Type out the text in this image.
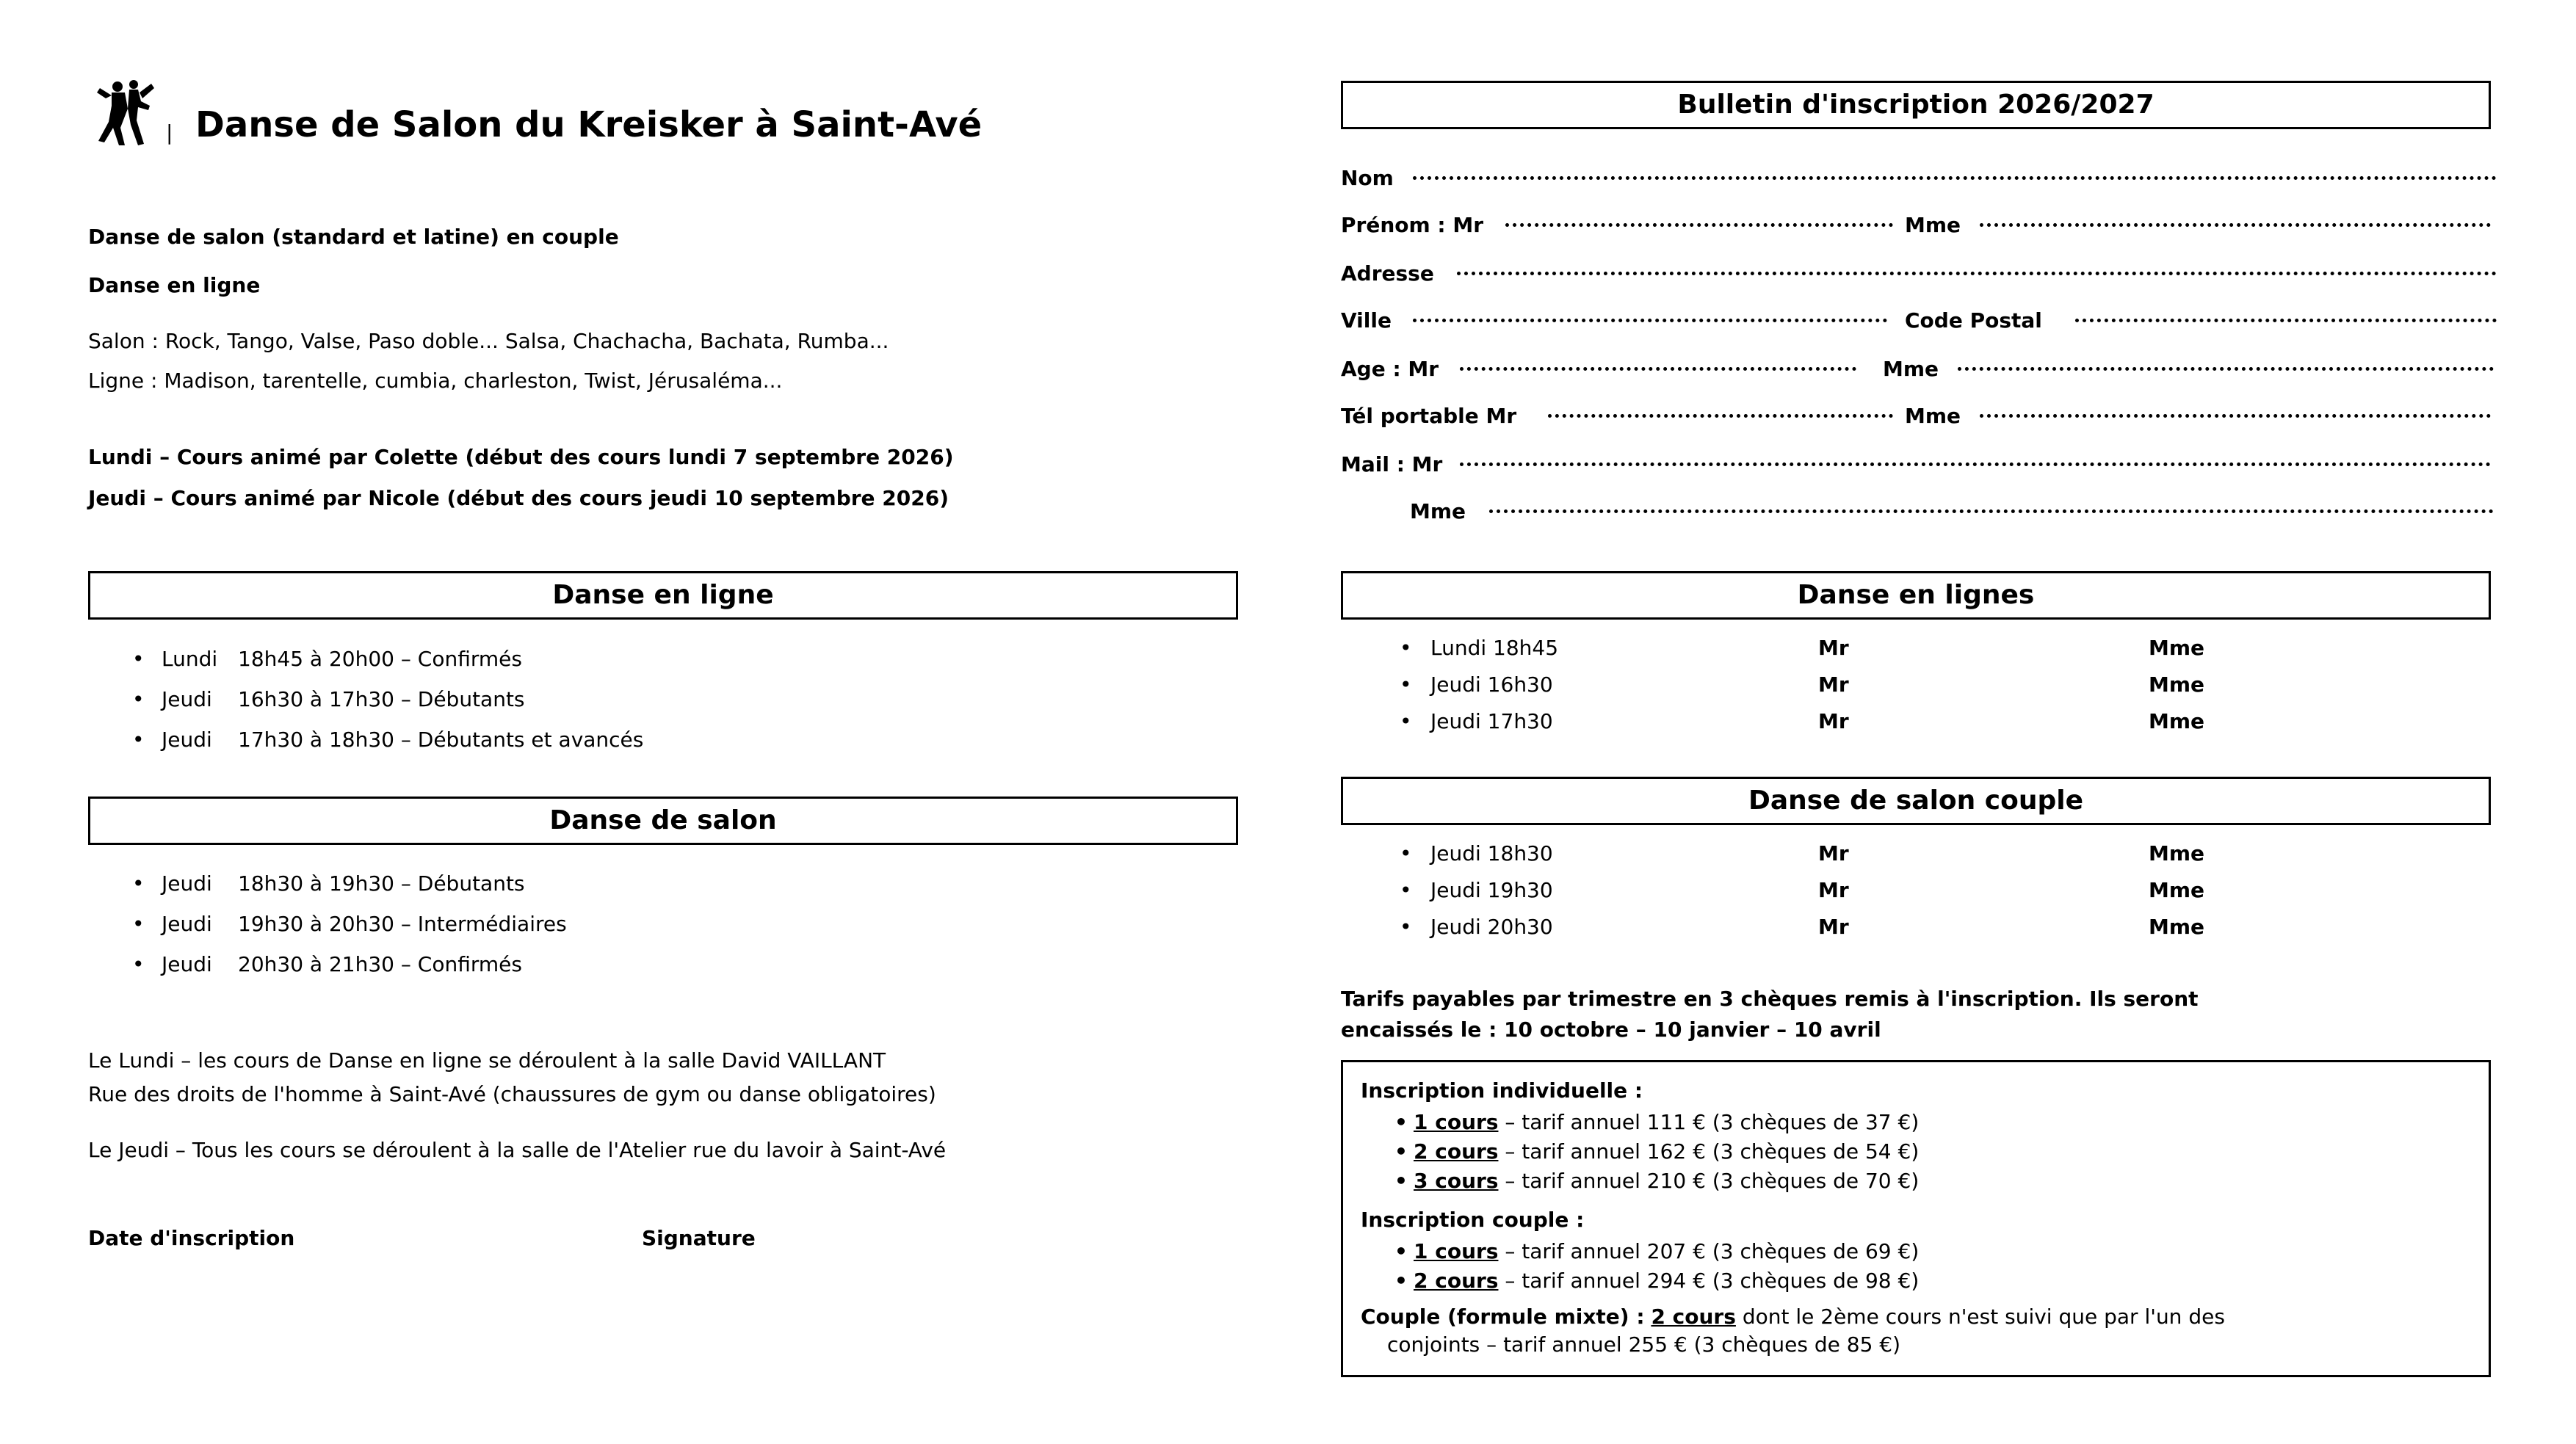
| Danse de Salon du Kreisker à Saint-Avé
Danse de salon (standard et latine) en couple
Danse en ligne
Salon : Rock, Tango, Valse, Paso doble... Salsa, Chachacha, Bachata, Rumba...
Ligne : Madison, tarentelle, cumbia, charleston, Twist, Jérusaléma...
Lundi – Cours animé par Colette (début des cours lundi 7 septembre 2026)
Jeudi – Cours animé par Nicole (début des cours jeudi 10 septembre 2026)
Danse en ligne
• Lundi 18h45 à 20h00 – Confirmés
• Jeudi 16h30 à 17h30 – Débutants
• Jeudi 17h30 à 18h30 – Débutants et avancés
Danse de salon
• Jeudi 18h30 à 19h30 – Débutants
• Jeudi 19h30 à 20h30 – Intermédiaires
• Jeudi 20h30 à 21h30 – Confirmés
Le Lundi – les cours de Danse en ligne se déroulent à la salle David VAILLANT
Rue des droits de l'homme à Saint-Avé (chaussures de gym ou danse obligatoires)
Le Jeudi – Tous les cours se déroulent à la salle de l'Atelier rue du lavoir à Saint-Avé
Date d'inscription	Signature
Bulletin d'inscription 2026/2027
Nom
Prénom : Mr	Mme
Adresse
Ville	Code Postal
Age : Mr	Mme
Tél portable Mr	Mme
Mail : Mr
Mme
Danse en lignes
• Lundi 18h45	Mr	Mme
• Jeudi 16h30	Mr	Mme
• Jeudi 17h30	Mr	Mme
Danse de salon couple
• Jeudi 18h30	Mr	Mme
• Jeudi 19h30	Mr	Mme
• Jeudi 20h30	Mr	Mme
Tarifs payables par trimestre en 3 chèques remis à l'inscription. Ils seront
encaissés le : 10 octobre – 10 janvier – 10 avril
Inscription individuelle :
• 1 cours – tarif annuel 111 € (3 chèques de 37 €)
• 2 cours – tarif annuel 162 € (3 chèques de 54 €)
• 3 cours – tarif annuel 210 € (3 chèques de 70 €)
Inscription couple :
• 1 cours – tarif annuel 207 € (3 chèques de 69 €)
• 2 cours – tarif annuel 294 € (3 chèques de 98 €)
Couple (formule mixte) : 2 cours dont le 2ème cours n'est suivi que par l'un des
conjoints – tarif annuel 255 € (3 chèques de 85 €)
